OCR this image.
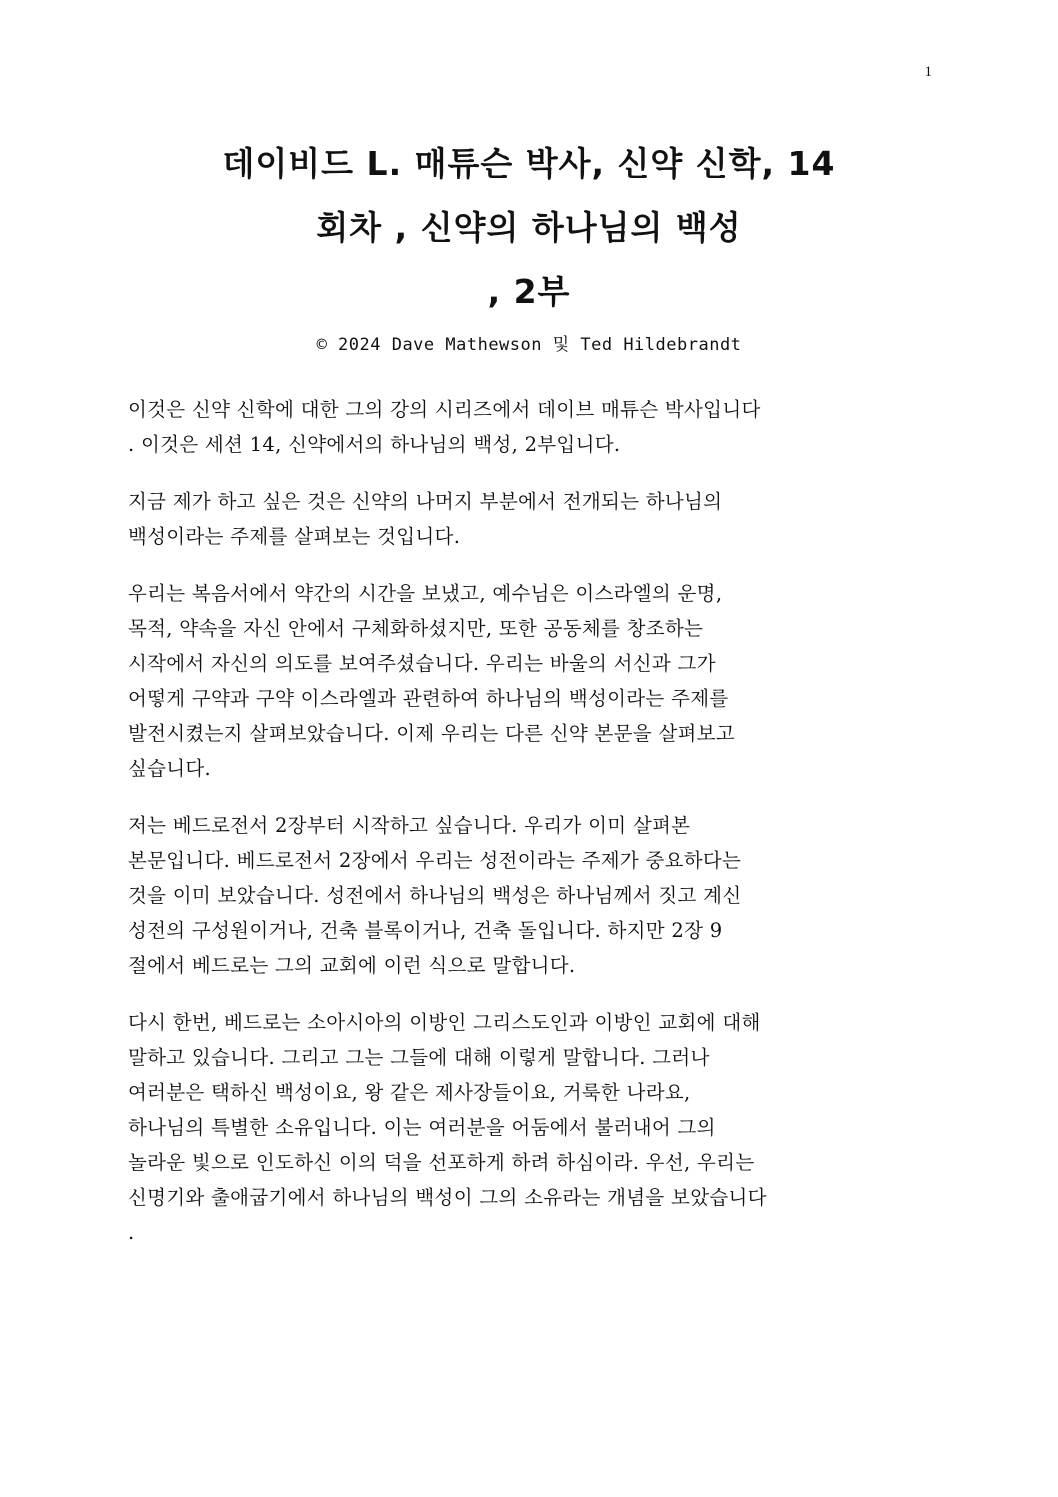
1
데이비드 L. 매튜슨 박사, 신약 신학, 14
회차 , 신약의 하나님의 백성
, 2부
© 2024 Dave Mathewson 및 Ted Hildebrandt
이것은 신약 신학에 대한 그의 강의 시리즈에서 데이브 매튜슨 박사입니다
. 이것은 세션 14, 신약에서의 하나님의 백성, 2부입니다.
지금 제가 하고 싶은 것은 신약의 나머지 부분에서 전개되는 하나님의
백성이라는 주제를 살펴보는 것입니다.
우리는 복음서에서 약간의 시간을 보냈고, 예수님은 이스라엘의 운명,
목적, 약속을 자신 안에서 구체화하셨지만, 또한 공동체를 창조하는
시작에서 자신의 의도를 보여주셨습니다. 우리는 바울의 서신과 그가
어떻게 구약과 구약 이스라엘과 관련하여 하나님의 백성이라는 주제를
발전시켰는지 살펴보았습니다. 이제 우리는 다른 신약 본문을 살펴보고
싶습니다.
저는 베드로전서 2장부터 시작하고 싶습니다. 우리가 이미 살펴본
본문입니다. 베드로전서 2장에서 우리는 성전이라는 주제가 중요하다는
것을 이미 보았습니다. 성전에서 하나님의 백성은 하나님께서 짓고 계신
성전의 구성원이거나, 건축 블록이거나, 건축 돌입니다. 하지만 2장 9
절에서 베드로는 그의 교회에 이런 식으로 말합니다.
다시 한번, 베드로는 소아시아의 이방인 그리스도인과 이방인 교회에 대해
말하고 있습니다. 그리고 그는 그들에 대해 이렇게 말합니다. 그러나
여러분은 택하신 백성이요, 왕 같은 제사장들이요, 거룩한 나라요,
하나님의 특별한 소유입니다. 이는 여러분을 어둠에서 불러내어 그의
놀라운 빛으로 인도하신 이의 덕을 선포하게 하려 하심이라. 우선, 우리는
신명기와 출애굽기에서 하나님의 백성이 그의 소유라는 개념을 보았습니다
.
